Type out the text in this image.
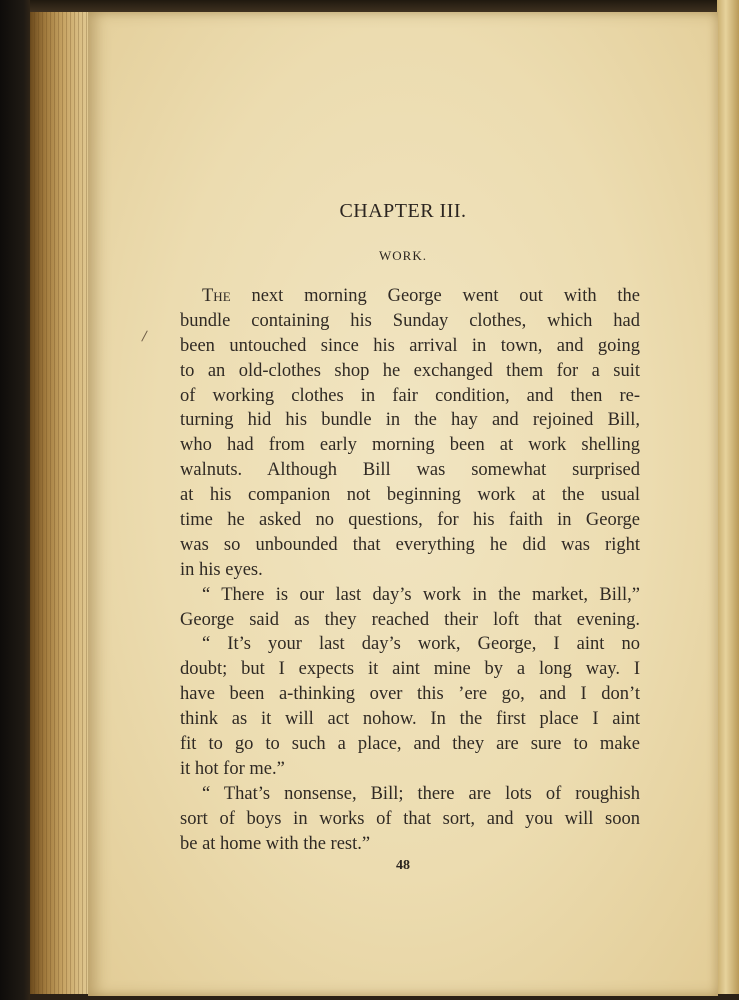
CHAPTER III.
WORK.
The next morning George went out with the
bundle containing his Sunday clothes, which had
been untouched since his arrival in town, and going
to an old-clothes shop he exchanged them for a suit
of working clothes in fair condition, and then re-
turning hid his bundle in the hay and rejoined Bill,
who had from early morning been at work shelling
walnuts. Although Bill was somewhat surprised
at his companion not beginning work at the usual
time he asked no questions, for his faith in George
was so unbounded that everything he did was right
in his eyes.
“ There is our last day’s work in the market, Bill,”
George said as they reached their loft that evening.
“ It’s your last day’s work, George, I aint no
doubt; but I expects it aint mine by a long way. I
have been a-thinking over this ’ere go, and I don’t
think as it will act nohow. In the first place I aint
fit to go to such a place, and they are sure to make
it hot for me.”
“ That’s nonsense, Bill; there are lots of roughish
sort of boys in works of that sort, and you will soon
be at home with the rest.”
48
